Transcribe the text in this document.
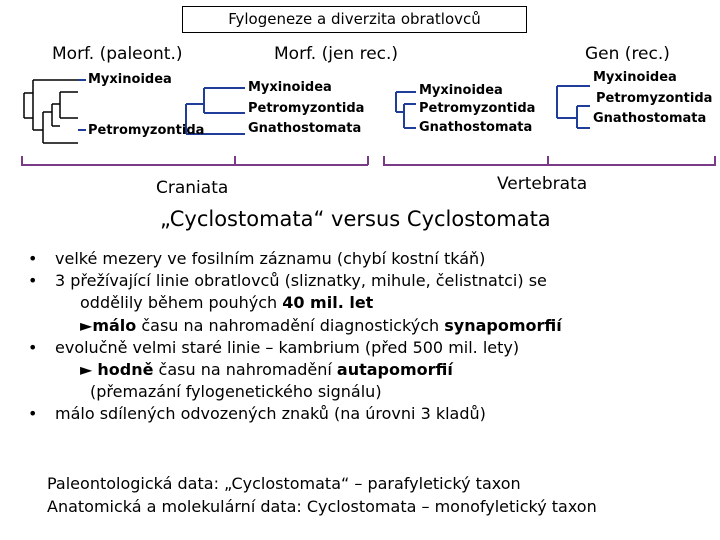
Fylogeneze a diverzita obratlovců
Morf. (paleont.)	Morf. (jen rec.)	Gen (rec.)
Myxinoidea
Petromyzontida
Myxinoidea
Petromyzontida
Gnathostomata
Myxinoidea
Petromyzontida
Gnathostomata
Myxinoidea
Petromyzontida
Gnathostomata
Craniata	Vertebrata
„Cyclostomata“ versus Cyclostomata
• velké mezery ve fosilním záznamu (chybí kostní tkáň)
• 3 přežívající linie obratlovců (sliznatky, mihule, čelistnatci) se
oddělily během pouhých 40 mil. let
►málo času na nahromadění diagnostických synapomorfií
• evolučně velmi staré linie – kambrium (před 500 mil. lety)
► hodně času na nahromadění autapomorfií
(přemazání fylogenetického signálu)
• málo sdílených odvozených znaků (na úrovni 3 kladů)
Paleontologická data: „Cyclostomata“ – parafyletický taxon
Anatomická a molekulární data: Cyclostomata – monofyletický taxon
